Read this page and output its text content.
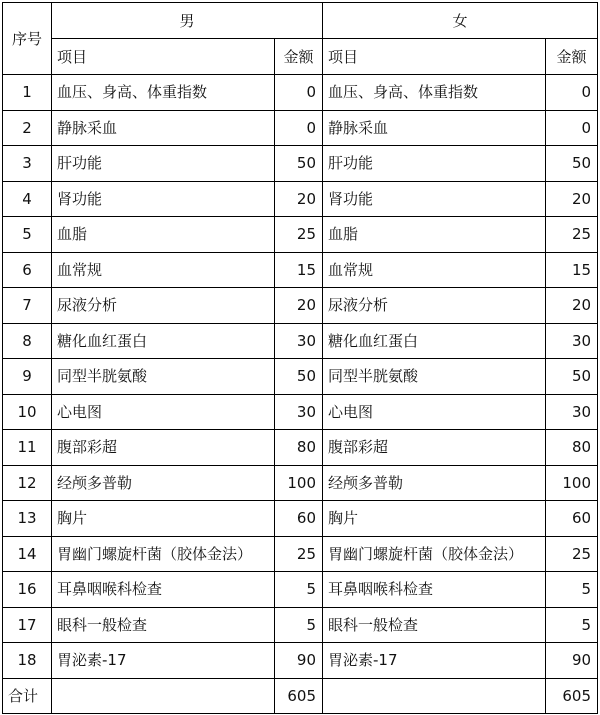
序号	男		女	
	项目	金额	项目	金额
1	血压、身高、体重指数	0	血压、身高、体重指数	0
2	静脉采血	0	静脉采血	0
3	肝功能	50	肝功能	50
4	肾功能	20	肾功能	20
5	血脂	25	血脂	25
6	血常规	15	血常规	15
7	尿液分析	20	尿液分析	20
8	糖化血红蛋白	30	糖化血红蛋白	30
9	同型半胱氨酸	50	同型半胱氨酸	50
10	心电图	30	心电图	30
11	腹部彩超	80	腹部彩超	80
12	经颅多普勒	100	经颅多普勒	100
13	胸片	60	胸片	60
14	胃幽门螺旋杆菌（胶体金法）	25	胃幽门螺旋杆菌（胶体金法）	25
16	耳鼻咽喉科检查	5	耳鼻咽喉科检查	5
17	眼科一般检查	5	眼科一般检查	5
18	胃泌素-17	90	胃泌素-17	90
合计		605		605
